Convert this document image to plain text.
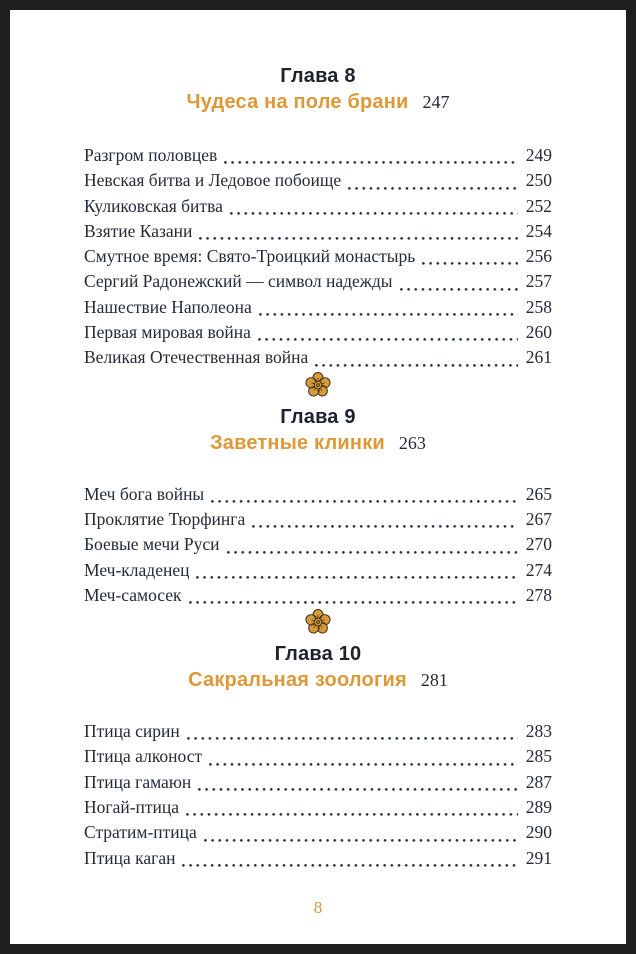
Глава 8
Чудеса на поле брани 247
Разгром половцев	249
Невская битва и Ледовое побоище	250
Куликовская битва	252
Взятие Казани	254
Смутное время: Свято-Троицкий монастырь	256
Сергий Радонежский — символ надежды	257
Нашествие Наполеона	258
Первая мировая война	260
Великая Отечественная война	261
Глава 9
Заветные клинки 263
Меч бога войны	265
Проклятие Тюрфинга	267
Боевые мечи Руси	270
Меч-кладенец	274
Меч-самосек	278
Глава 10
Сакральная зоология 281
Птица сирин	283
Птица алконост	285
Птица гамаюн	287
Ногай-птица	289
Стратим-птица	290
Птица каган	291
8
